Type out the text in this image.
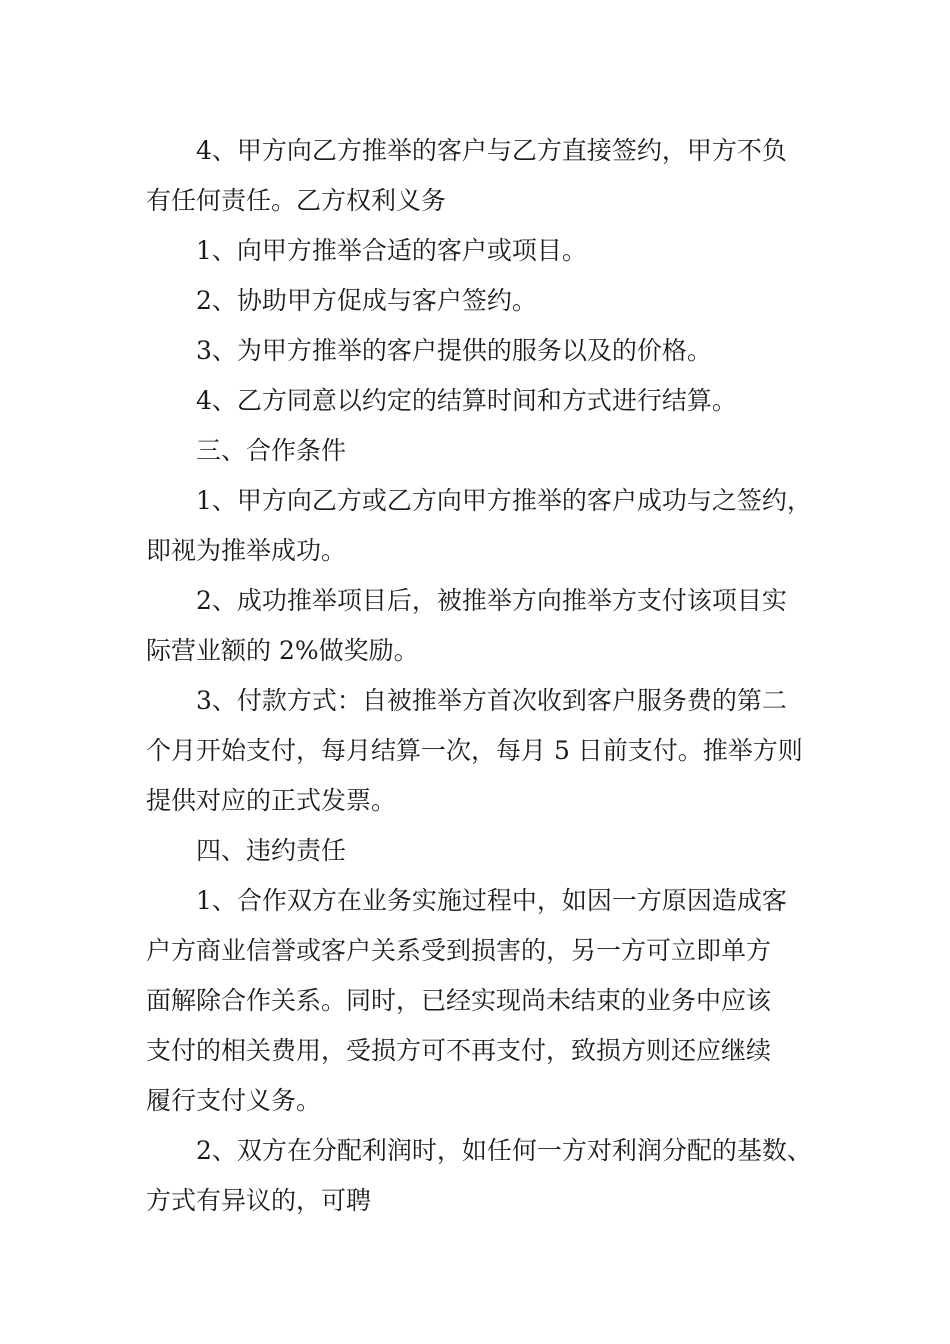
4、甲方向乙方推举的客户与乙方直接签约，甲方不负
有任何责任。乙方权利义务
1、向甲方推举合适的客户或项目。
2、协助甲方促成与客户签约。
3、为甲方推举的客户提供的服务以及的价格。
4、乙方同意以约定的结算时间和方式进行结算。
三、合作条件
1、甲方向乙方或乙方向甲方推举的客户成功与之签约，
即视为推举成功。
2、成功推举项目后，被推举方向推举方支付该项目实
际营业额的 2%做奖励。
3、付款方式：自被推举方首次收到客户服务费的第二
个月开始支付，每月结算一次，每月 5 日前支付。推举方则
提供对应的正式发票。
四、违约责任
1、合作双方在业务实施过程中，如因一方原因造成客
户方商业信誉或客户关系受到损害的，另一方可立即单方
面解除合作关系。同时，已经实现尚未结束的业务中应该
支付的相关费用，受损方可不再支付，致损方则还应继续
履行支付义务。
2、双方在分配利润时，如任何一方对利润分配的基数、
方式有异议的，可聘
